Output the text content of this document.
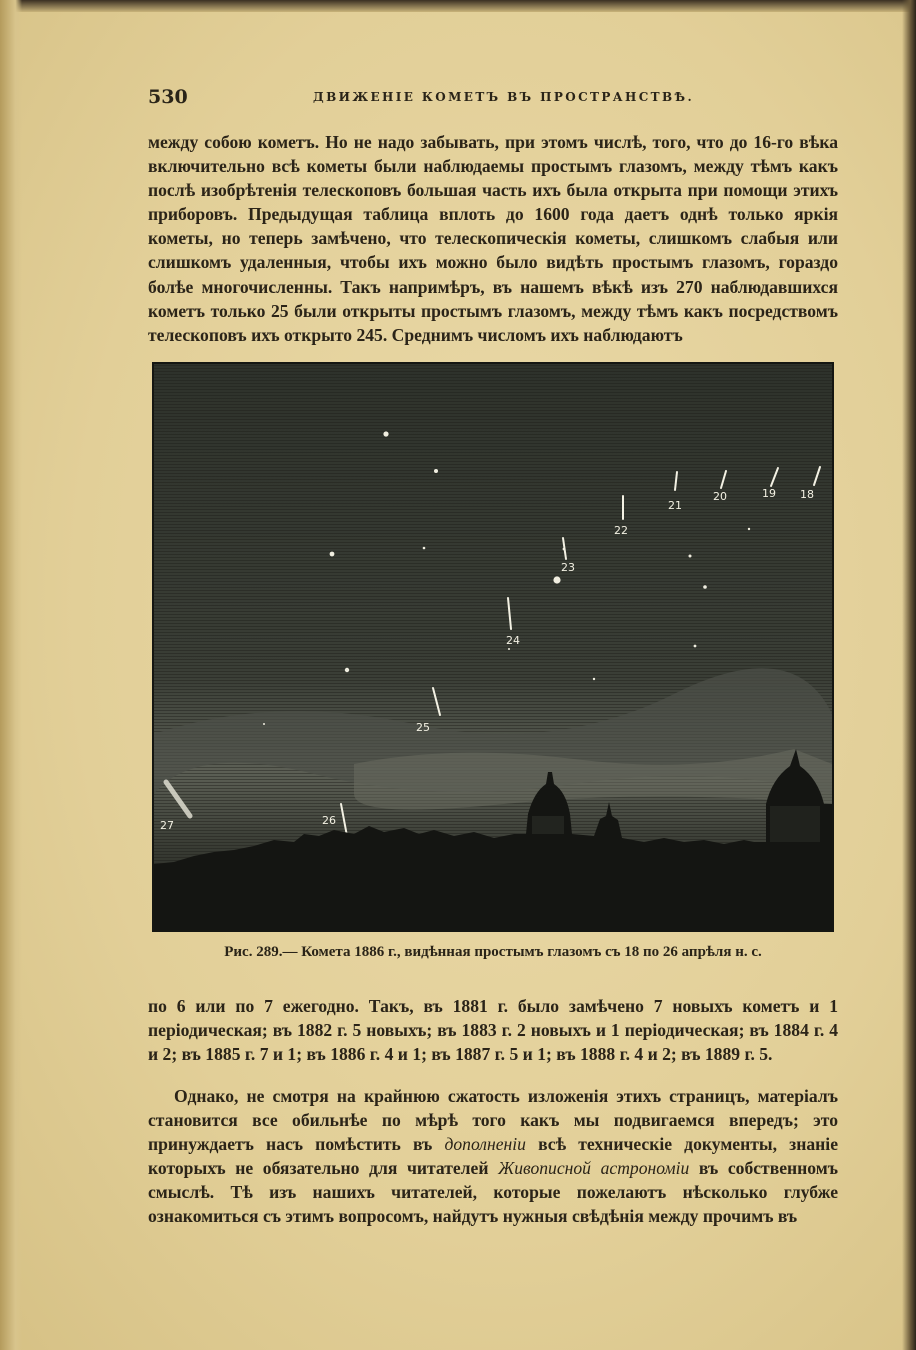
530	ДВИЖЕНІЕ КОМЕТЪ ВЪ ПРОСТРАНСТВѢ.
между собою кометъ. Но не надо забывать, при этомъ числѣ, того, что до 16-го вѣка включительно всѣ кометы были наблюдаемы простымъ глазомъ, между тѣмъ какъ послѣ изобрѣтенія телескоповъ большая часть ихъ была открыта при помощи этихъ приборовъ. Предыдущая таблица вплоть до 1600 года даетъ однѣ только яркія кометы, но теперь замѣчено, что телескопическія кометы, слишкомъ слабыя или слишкомъ удаленныя, чтобы ихъ можно было видѣть простымъ глазомъ, гораздо болѣе многочисленны. Такъ напримѣръ, въ нашемъ вѣкѣ изъ 270 наблюдавшихся кометъ только 25 были открыты простымъ глазомъ, между тѣмъ какъ посредствомъ телескоповъ ихъ открыто 245. Среднимъ числомъ ихъ наблюдаютъ
18
19
20
21
22
23
24
25
26
27
Рис. 289.— Комета 1886 г., видѣнная простымъ глазомъ съ 18 по 26 апрѣля н. с.
по 6 или по 7 ежегодно. Такъ, въ 1881 г. было замѣчено 7 новыхъ кометъ и 1 періодическая; въ 1882 г. 5 новыхъ; въ 1883 г. 2 новыхъ и 1 періодическая; въ 1884 г. 4 и 2; въ 1885 г. 7 и 1; въ 1886 г. 4 и 1; въ 1887 г. 5 и 1; въ 1888 г. 4 и 2; въ 1889 г. 5.
Однако, не смотря на крайнюю сжатость изложенія этихъ страницъ, матеріалъ становится все обильнѣе по мѣрѣ того какъ мы подвигаемся впередъ; это принуждаетъ насъ помѣстить въ дополненіи всѣ техническіе документы, знаніе которыхъ не обязательно для читателей Живописной астрономіи въ собственномъ смыслѣ. Тѣ изъ нашихъ читателей, которые пожелаютъ нѣсколько глубже ознакомиться съ этимъ вопросомъ, найдутъ нужныя свѣдѣнія между прочимъ въ
